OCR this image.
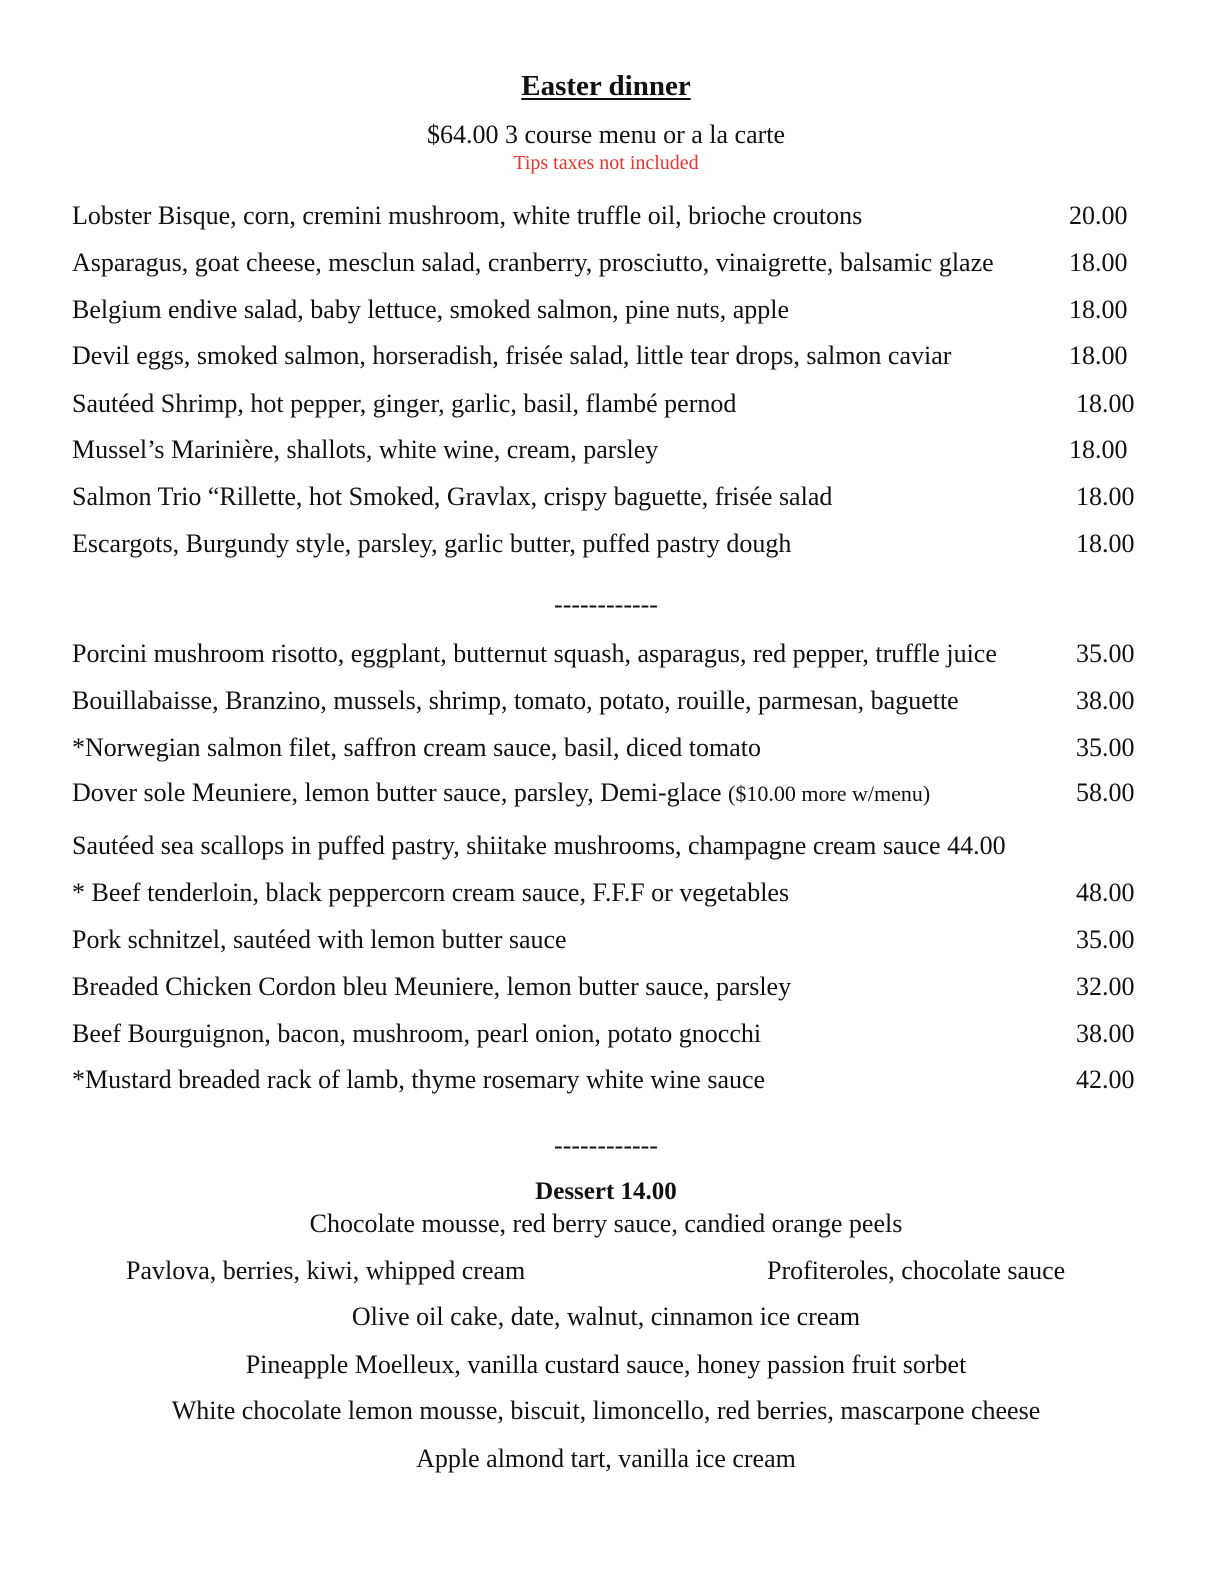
Easter dinner
$64.00 3 course menu or a la carte
Tips taxes not included
Lobster Bisque, corn, cremini mushroom, white truffle oil, brioche croutons	20.00
Asparagus, goat cheese, mesclun salad, cranberry, prosciutto, vinaigrette, balsamic glaze	18.00
Belgium endive salad, baby lettuce, smoked salmon, pine nuts, apple	18.00
Devil eggs, smoked salmon, horseradish, frisée salad, little tear drops, salmon caviar	18.00
Sautéed Shrimp, hot pepper, ginger, garlic, basil, flambé pernod	18.00
Mussel’s Marinière, shallots, white wine, cream, parsley	18.00
Salmon Trio “Rillette, hot Smoked, Gravlax, crispy baguette, frisée salad	18.00
Escargots, Burgundy style, parsley, garlic butter, puffed pastry dough	18.00
------------
Porcini mushroom risotto, eggplant, butternut squash, asparagus, red pepper, truffle juice	35.00
Bouillabaisse, Branzino, mussels, shrimp, tomato, potato, rouille, parmesan, baguette	38.00
*Norwegian salmon filet, saffron cream sauce, basil, diced tomato	35.00
Dover sole Meuniere, lemon butter sauce, parsley, Demi-glace ($10.00 more w/menu)	58.00
Sautéed sea scallops in puffed pastry, shiitake mushrooms, champagne cream sauce 44.00
* Beef tenderloin, black peppercorn cream sauce, F.F.F or vegetables	48.00
Pork schnitzel, sautéed with lemon butter sauce	35.00
Breaded Chicken Cordon bleu Meuniere, lemon butter sauce, parsley	32.00
Beef Bourguignon, bacon, mushroom, pearl onion, potato gnocchi	38.00
*Mustard breaded rack of lamb, thyme rosemary white wine sauce	42.00
------------
Dessert 14.00
Chocolate mousse, red berry sauce, candied orange peels
Pavlova, berries, kiwi, whipped cream	Profiteroles, chocolate sauce
Olive oil cake, date, walnut, cinnamon ice cream
Pineapple Moelleux, vanilla custard sauce, honey passion fruit sorbet
White chocolate lemon mousse, biscuit, limoncello, red berries, mascarpone cheese
Apple almond tart, vanilla ice cream
